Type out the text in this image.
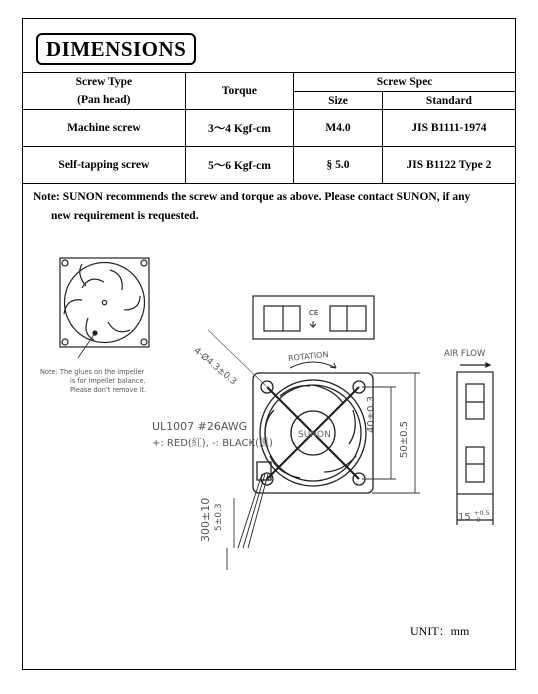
DIMENSIONS
Screw Type	Torque	Screw Spec	
(Pan head)		Size	Standard
Machine screw	3～4 Kgf-cm	M4.0	JIS B1111-1974
Self-tapping screw	5～6 Kgf-cm	§ 5.0	JIS B1122 Type 2
Note: SUNON recommends the screw and torque as above. Please contact SUNON, if any
new requirement is requested.
CE
SUNON
Note: The glues on the impeller
is for impeller balance.
Please don't remove it.
4-Ø4.3±0.3	ROTATION	AIR FLOW
UL1007 #26AWG
+: RED(紅), -: BLACK(黑)
40±0.3
50±0.5
300±10 5±0.3	15 +0.5
-0
UNIT：mm
